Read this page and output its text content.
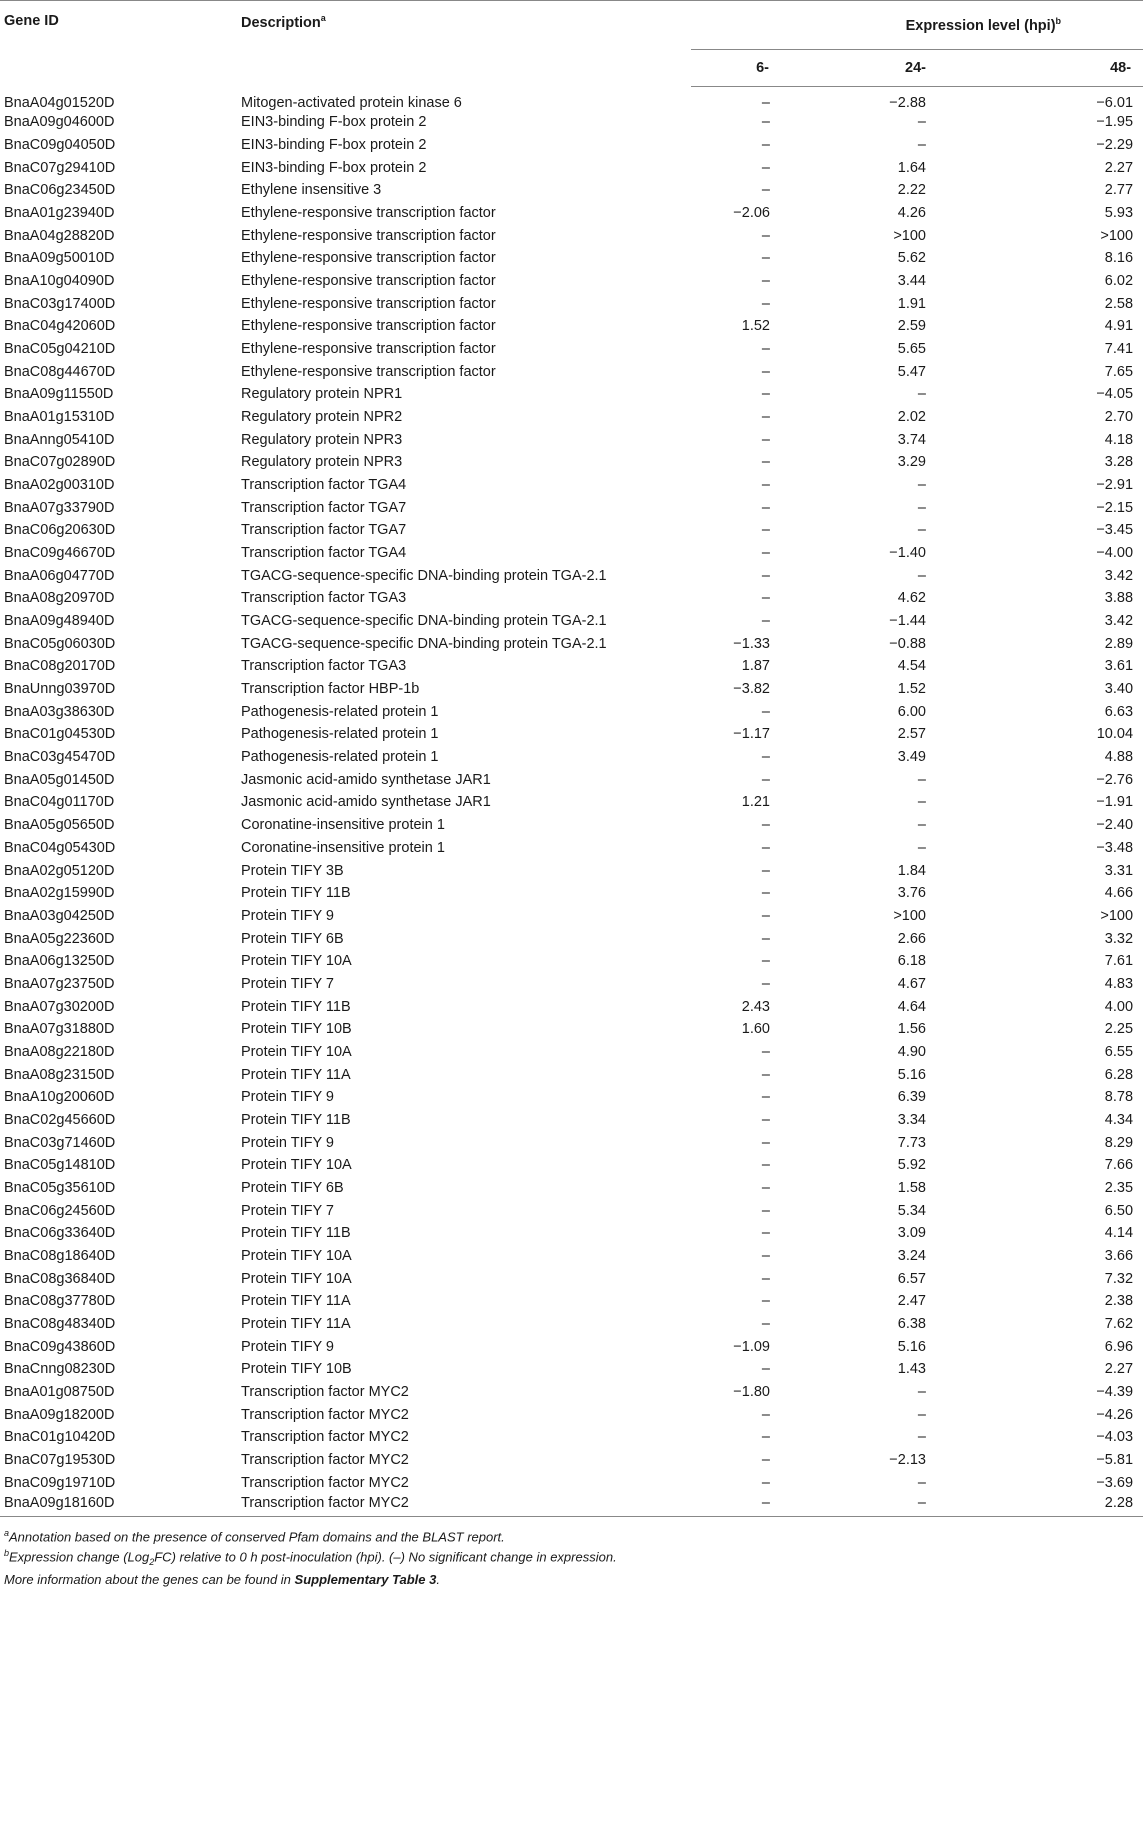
Gene ID	Description$^a$	Expression level (hpi)$^b$
		6-	24-	48-
BnaA04g01520D	Mitogen-activated protein kinase 6	–	−2.88	−6.01
BnaA09g04600D	EIN3-binding F-box protein 2	–	–	−1.95
BnaC09g04050D	EIN3-binding F-box protein 2	–	–	−2.29
BnaC07g29410D	EIN3-binding F-box protein 2	–	1.64	2.27
BnaC06g23450D	Ethylene insensitive 3	–	2.22	2.77
BnaA01g23940D	Ethylene-responsive transcription factor	−2.06	4.26	5.93
BnaA04g28820D	Ethylene-responsive transcription factor	–	>100	>100
BnaA09g50010D	Ethylene-responsive transcription factor	–	5.62	8.16
BnaA10g04090D	Ethylene-responsive transcription factor	–	3.44	6.02
BnaC03g17400D	Ethylene-responsive transcription factor	–	1.91	2.58
BnaC04g42060D	Ethylene-responsive transcription factor	1.52	2.59	4.91
BnaC05g04210D	Ethylene-responsive transcription factor	–	5.65	7.41
BnaC08g44670D	Ethylene-responsive transcription factor	–	5.47	7.65
BnaA09g11550D	Regulatory protein NPR1	–	–	−4.05
BnaA01g15310D	Regulatory protein NPR2	–	2.02	2.70
BnaAnng05410D	Regulatory protein NPR3	–	3.74	4.18
BnaC07g02890D	Regulatory protein NPR3	–	3.29	3.28
BnaA02g00310D	Transcription factor TGA4	–	–	−2.91
BnaA07g33790D	Transcription factor TGA7	–	–	−2.15
BnaC06g20630D	Transcription factor TGA7	–	–	−3.45
BnaC09g46670D	Transcription factor TGA4	–	−1.40	−4.00
BnaA06g04770D	TGACG-sequence-specific DNA-binding protein TGA-2.1	–	–	3.42
BnaA08g20970D	Transcription factor TGA3	–	4.62	3.88
BnaA09g48940D	TGACG-sequence-specific DNA-binding protein TGA-2.1	–	−1.44	3.42
BnaC05g06030D	TGACG-sequence-specific DNA-binding protein TGA-2.1	−1.33	−0.88	2.89
BnaC08g20170D	Transcription factor TGA3	1.87	4.54	3.61
BnaUnng03970D	Transcription factor HBP-1b	−3.82	1.52	3.40
BnaA03g38630D	Pathogenesis-related protein 1	–	6.00	6.63
BnaC01g04530D	Pathogenesis-related protein 1	−1.17	2.57	10.04
BnaC03g45470D	Pathogenesis-related protein 1	–	3.49	4.88
BnaA05g01450D	Jasmonic acid-amido synthetase JAR1	–	–	−2.76
BnaC04g01170D	Jasmonic acid-amido synthetase JAR1	1.21	–	−1.91
BnaA05g05650D	Coronatine-insensitive protein 1	–	–	−2.40
BnaC04g05430D	Coronatine-insensitive protein 1	–	–	−3.48
BnaA02g05120D	Protein TIFY 3B	–	1.84	3.31
BnaA02g15990D	Protein TIFY 11B	–	3.76	4.66
BnaA03g04250D	Protein TIFY 9	–	>100	>100
BnaA05g22360D	Protein TIFY 6B	–	2.66	3.32
BnaA06g13250D	Protein TIFY 10A	–	6.18	7.61
BnaA07g23750D	Protein TIFY 7	–	4.67	4.83
BnaA07g30200D	Protein TIFY 11B	2.43	4.64	4.00
BnaA07g31880D	Protein TIFY 10B	1.60	1.56	2.25
BnaA08g22180D	Protein TIFY 10A	–	4.90	6.55
BnaA08g23150D	Protein TIFY 11A	–	5.16	6.28
BnaA10g20060D	Protein TIFY 9	–	6.39	8.78
BnaC02g45660D	Protein TIFY 11B	–	3.34	4.34
BnaC03g71460D	Protein TIFY 9	–	7.73	8.29
BnaC05g14810D	Protein TIFY 10A	–	5.92	7.66
BnaC05g35610D	Protein TIFY 6B	–	1.58	2.35
BnaC06g24560D	Protein TIFY 7	–	5.34	6.50
BnaC06g33640D	Protein TIFY 11B	–	3.09	4.14
BnaC08g18640D	Protein TIFY 10A	–	3.24	3.66
BnaC08g36840D	Protein TIFY 10A	–	6.57	7.32
BnaC08g37780D	Protein TIFY 11A	–	2.47	2.38
BnaC08g48340D	Protein TIFY 11A	–	6.38	7.62
BnaC09g43860D	Protein TIFY 9	−1.09	5.16	6.96
BnaCnng08230D	Protein TIFY 10B	–	1.43	2.27
BnaA01g08750D	Transcription factor MYC2	−1.80	–	−4.39
BnaA09g18200D	Transcription factor MYC2	–	–	−4.26
BnaC01g10420D	Transcription factor MYC2	–	–	−4.03
BnaC07g19530D	Transcription factor MYC2	–	−2.13	−5.81
BnaC09g19710D	Transcription factor MYC2	–	–	−3.69
BnaA09g18160D	Transcription factor MYC2	–	–	2.28
$^a$Annotation based on the presence of conserved Pfam domains and the BLAST report.
$^b$Expression change (Log$_2$FC) relative to 0 h post-inoculation (hpi). (–) No significant change in expression.
More information about the genes can be found in Supplementary Table 3.
